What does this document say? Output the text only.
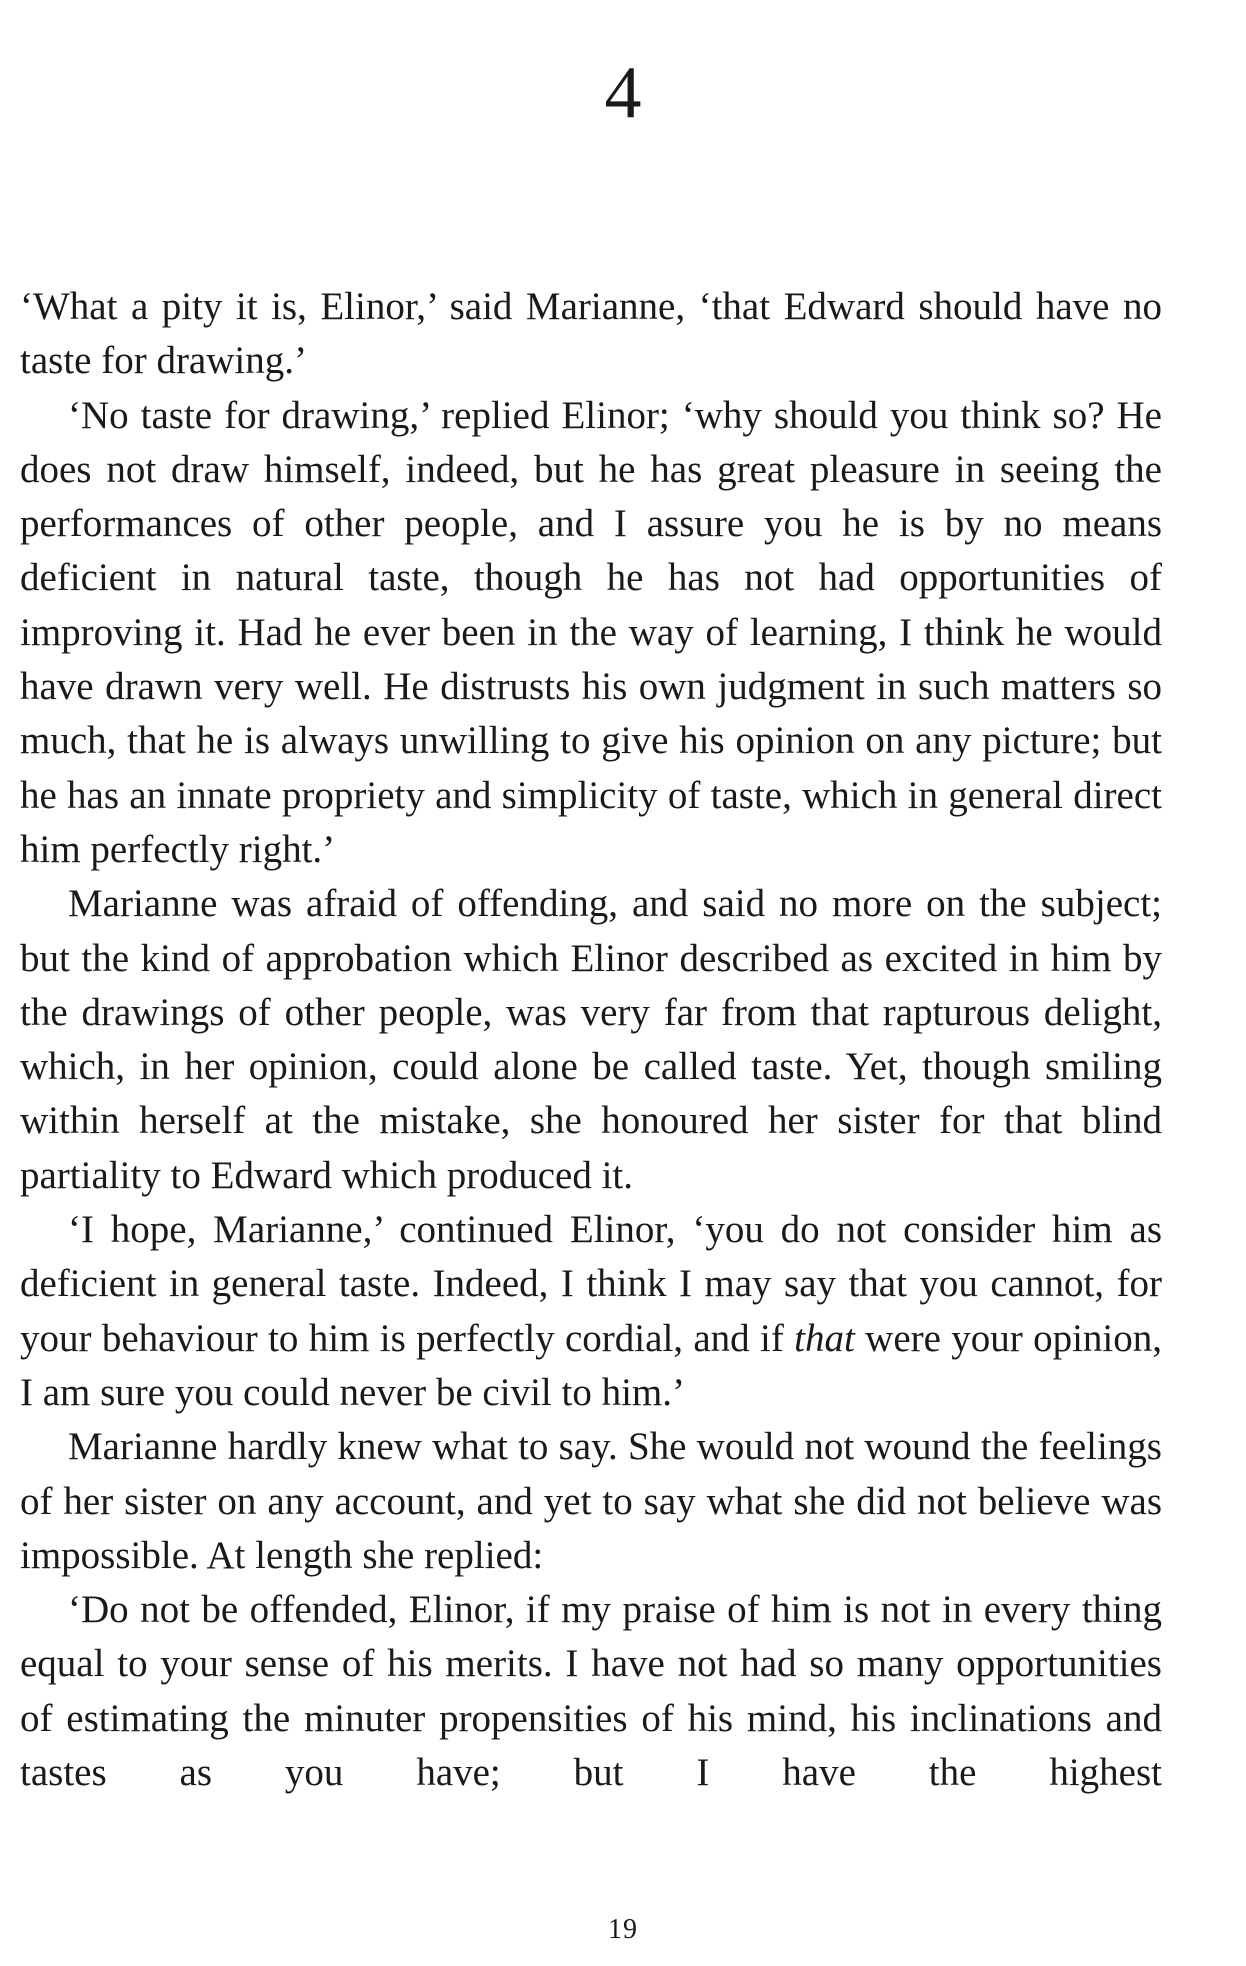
4

‘What a pity it is, Elinor,’ said Marianne, ‘that Edward should have no taste for drawing.’

‘No taste for drawing,’ replied Elinor; ‘why should you think so? He does not draw himself, indeed, but he has great pleasure in seeing the performances of other people, and I assure you he is by no means deficient in natural taste, though he has not had opportunities of improving it. Had he ever been in the way of learning, I think he would have drawn very well. He distrusts his own judgment in such matters so much, that he is always unwilling to give his opinion on any picture; but he has an innate propriety and simplicity of taste, which in general direct him perfectly right.’

Marianne was afraid of offending, and said no more on the subject; but the kind of approbation which Elinor described as excited in him by the drawings of other people, was very far from that rapturous delight, which, in her opinion, could alone be called taste. Yet, though smiling within herself at the mistake, she honoured her sister for that blind partiality to Edward which produced it.

‘I hope, Marianne,’ continued Elinor, ‘you do not consider him as deficient in general taste. Indeed, I think I may say that you cannot, for your behaviour to him is perfectly cordial, and if that were your opinion, I am sure you could never be civil to him.’

Marianne hardly knew what to say. She would not wound the feelings of her sister on any account, and yet to say what she did not believe was impossible. At length she replied:

‘Do not be offended, Elinor, if my praise of him is not in every thing equal to your sense of his merits. I have not had so many opportunities of estimating the minuter propensities of his mind, his inclinations and tastes as you have; but I have the highest

19
